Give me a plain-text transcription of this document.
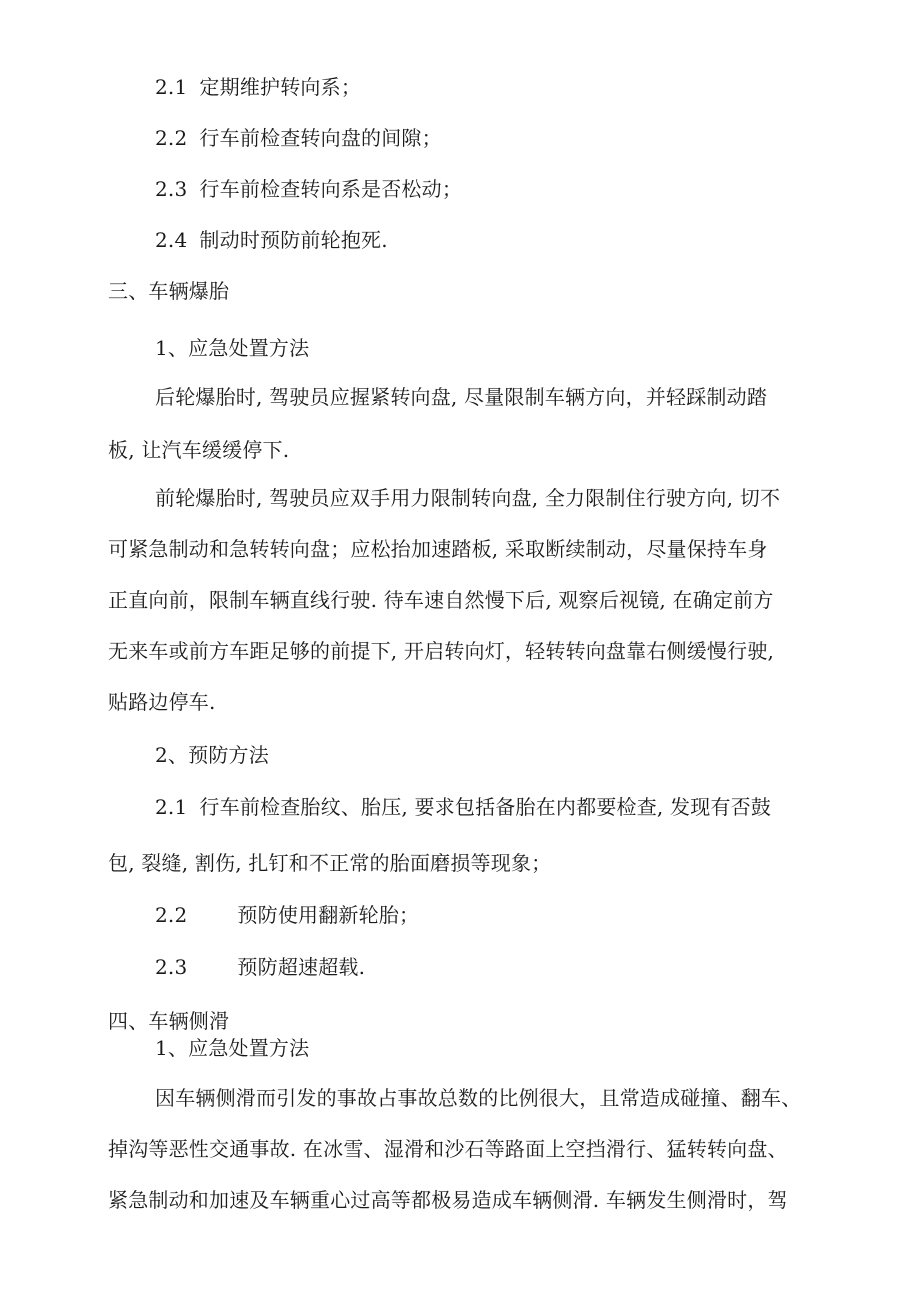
2.1 定期维护转向系；
2.2 行车前检查转向盘的间隙；
2.3 行车前检查转向系是否松动；
2.4 制动时预防前轮抱死.
三、车辆爆胎
1、应急处置方法
后轮爆胎时, 驾驶员应握紧转向盘, 尽量限制车辆方向，并轻踩制动踏
板, 让汽车缓缓停下.
前轮爆胎时, 驾驶员应双手用力限制转向盘, 全力限制住行驶方向, 切不
可紧急制动和急转转向盘；应松抬加速踏板, 采取断续制动，尽量保持车身
正直向前，限制车辆直线行驶. 待车速自然慢下后, 观察后视镜, 在确定前方
无来车或前方车距足够的前提下, 开启转向灯，轻转转向盘靠右侧缓慢行驶,
贴路边停车.
2、预防方法
2.1 行车前检查胎纹、胎压, 要求包括备胎在内都要检查, 发现有否鼓
包, 裂缝, 割伤, 扎钉和不正常的胎面磨损等现象；
2.2	预防使用翻新轮胎；
2.3	预防超速超载.
四、车辆侧滑
1、应急处置方法
因车辆侧滑而引发的事故占事故总数的比例很大，且常造成碰撞、翻车、
掉沟等恶性交通事故. 在冰雪、湿滑和沙石等路面上空挡滑行、猛转转向盘、
紧急制动和加速及车辆重心过高等都极易造成车辆侧滑. 车辆发生侧滑时，驾
